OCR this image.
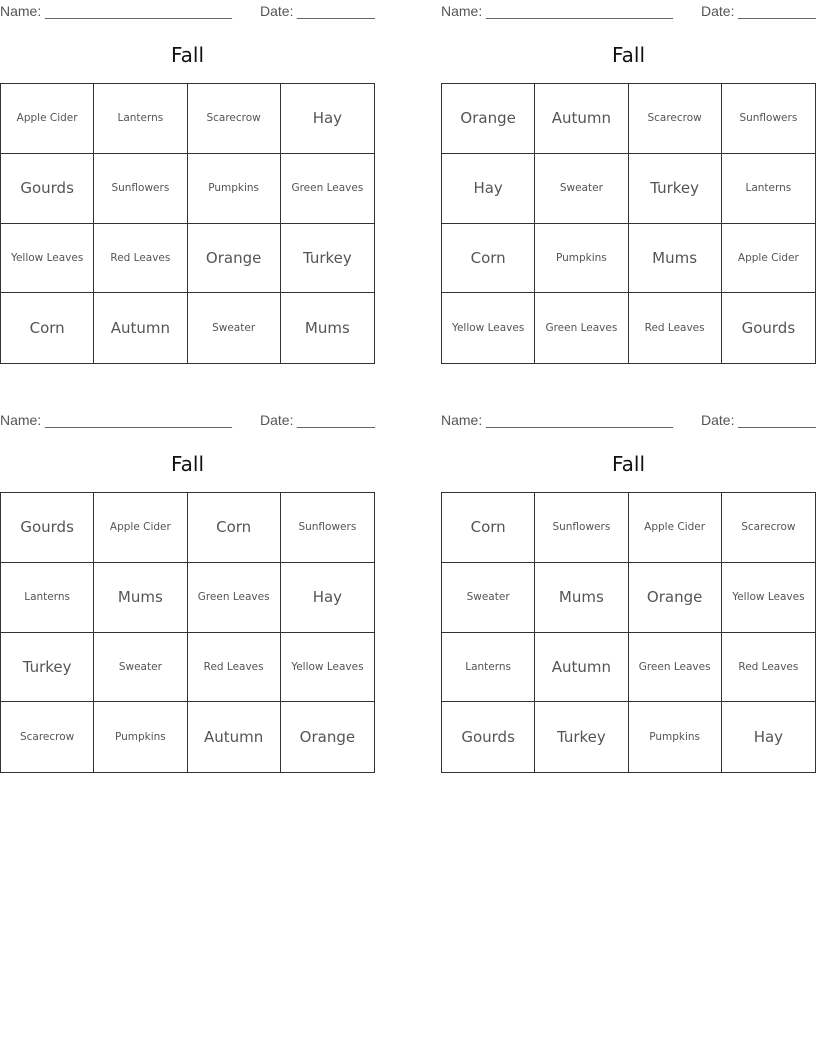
Name: ________________________ Date: __________
Fall
Apple Cider	Lanterns	Scarecrow	Hay
Gourds	Sunflowers	Pumpkins	Green Leaves
Yellow Leaves	Red Leaves	Orange	Turkey
Corn	Autumn	Sweater	Mums
Name: ________________________ Date: __________
Fall
Orange	Autumn	Scarecrow	Sunflowers
Hay	Sweater	Turkey	Lanterns
Corn	Pumpkins	Mums	Apple Cider
Yellow Leaves	Green Leaves	Red Leaves	Gourds
Name: ________________________ Date: __________
Fall
Gourds	Apple Cider	Corn	Sunflowers
Lanterns	Mums	Green Leaves	Hay
Turkey	Sweater	Red Leaves	Yellow Leaves
Scarecrow	Pumpkins	Autumn	Orange
Name: ________________________ Date: __________
Fall
Corn	Sunflowers	Apple Cider	Scarecrow
Sweater	Mums	Orange	Yellow Leaves
Lanterns	Autumn	Green Leaves	Red Leaves
Gourds	Turkey	Pumpkins	Hay
